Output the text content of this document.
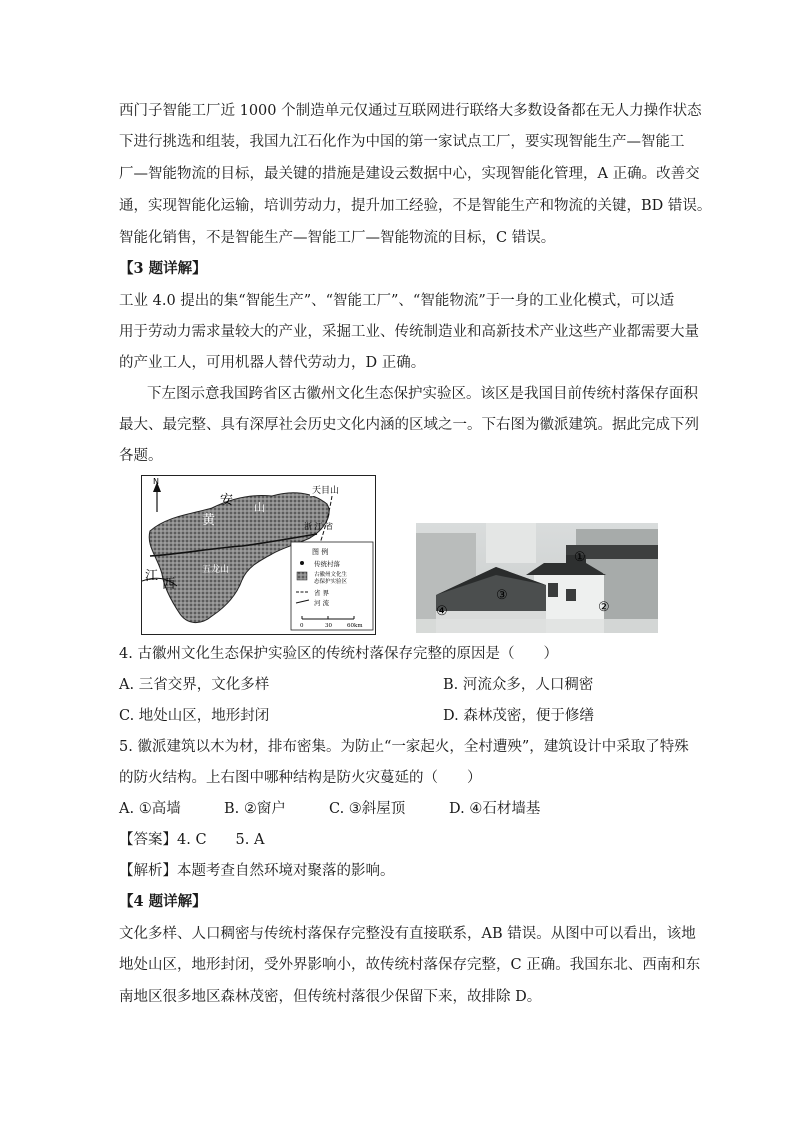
西门子智能工厂近 1000 个制造单元仅通过互联网进行联络大多数设备都在无人力操作状态
下进行挑选和组装，我国九江石化作为中国的第一家试点工厂，要实现智能生产—智能工
厂—智能物流的目标，最关键的措施是建设云数据中心，实现智能化管理，A 正确。改善交
通，实现智能化运输，培训劳动力，提升加工经验，不是智能生产和物流的关键，BD 错误。
智能化销售，不是智能生产—智能工厂—智能物流的目标，C 错误。
【3 题详解】
工业 4.0 提出的集“智能生产”、“智能工厂”、“智能物流”于一身的工业化模式，可以适
用于劳动力需求量较大的产业，采掘工业、传统制造业和高新技术产业这些产业都需要大量
的产业工人，可用机器人替代劳动力，D 正确。
下左图示意我国跨省区古徽州文化生态保护实验区。该区是我国目前传统村落保存面积
最大、最完整、具有深厚社会历史文化内涵的区域之一。下右图为徽派建筑。据此完成下列
各题。
N
安
黄
山
天目山
浙 江 省
江
西
五龙山
图 例
传统村落
古徽州文化生
态保护实验区
省 界
河 流
0	30	60km
①
②
③
④
4. 古徽州文化生态保护实验区的传统村落保存完整的原因是（　　）
A. 三省交界，文化多样	B. 河流众多，人口稠密
C. 地处山区，地形封闭	D. 森林茂密，便于修缮
5. 徽派建筑以木为材，排布密集。为防止“一家起火，全村遭殃”，建筑设计中采取了特殊
的防火结构。上右图中哪种结构是防火灾蔓延的（　　）
A. ①高墙	B. ②窗户	C. ③斜屋顶	D. ④石材墙基
【答案】4. C　　5. A
【解析】本题考查自然环境对聚落的影响。
【4 题详解】
文化多样、人口稠密与传统村落保存完整没有直接联系，AB 错误。从图中可以看出，该地
地处山区，地形封闭，受外界影响小，故传统村落保存完整，C 正确。我国东北、西南和东
南地区很多地区森林茂密，但传统村落很少保留下来，故排除 D。
